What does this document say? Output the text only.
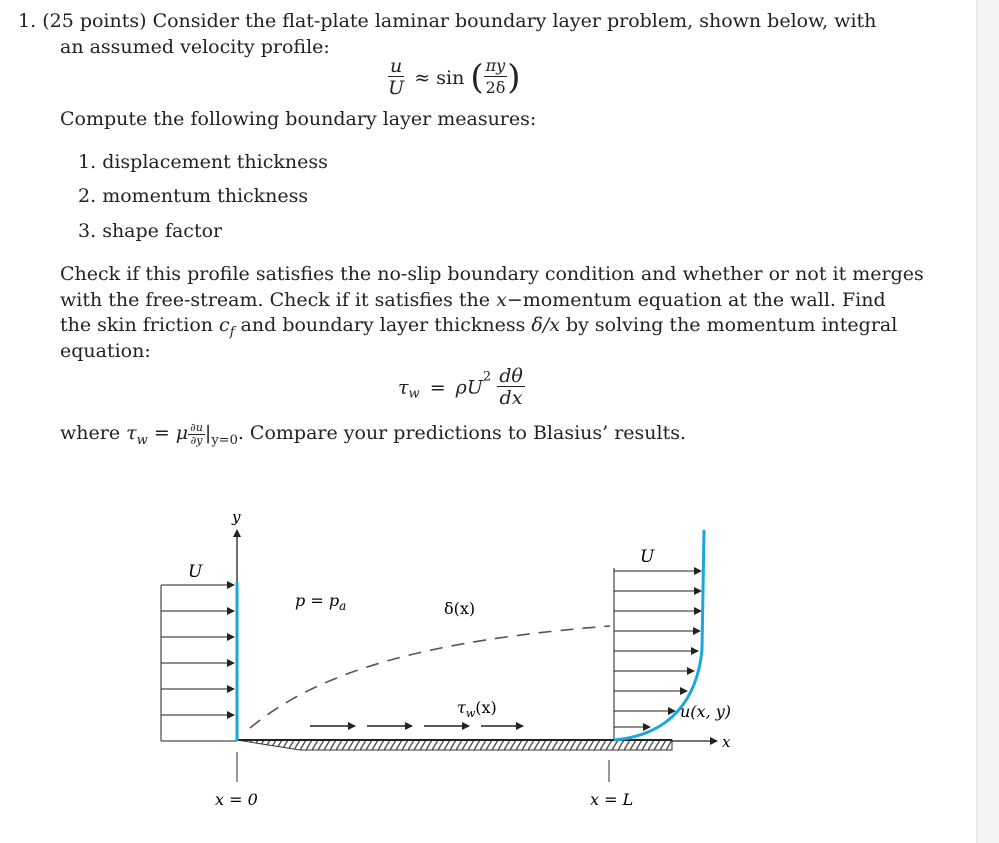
1. (25 points) Consider the flat-plate laminar boundary layer problem, shown below, with
an assumed velocity profile:
$\frac{u}{U} \approx \sin$ ( $\frac{\pi y}{2\delta}$ )
Compute the following boundary layer measures:
1. displacement thickness
2. momentum thickness
3. shape factor
Check if this profile satisfies the no-slip boundary condition and whether or not it merges
with the free-stream. Check if it satisfies the x−momentum equation at the wall. Find
the skin friction $c_f$ and boundary layer thickness δ/x by solving the momentum integral
equation:
$\tau_w = \rho U^2 \frac{d\theta}{dx}$
where $\tau_w = \mu \frac{\partial u}{\partial y} |_{y=0}$. Compare your predictions to Blasius’ results.
x
y
U
$p = p_a$	δ(x)
$\tau_w(x)$
U
u(x, y)
x = 0	x = L
